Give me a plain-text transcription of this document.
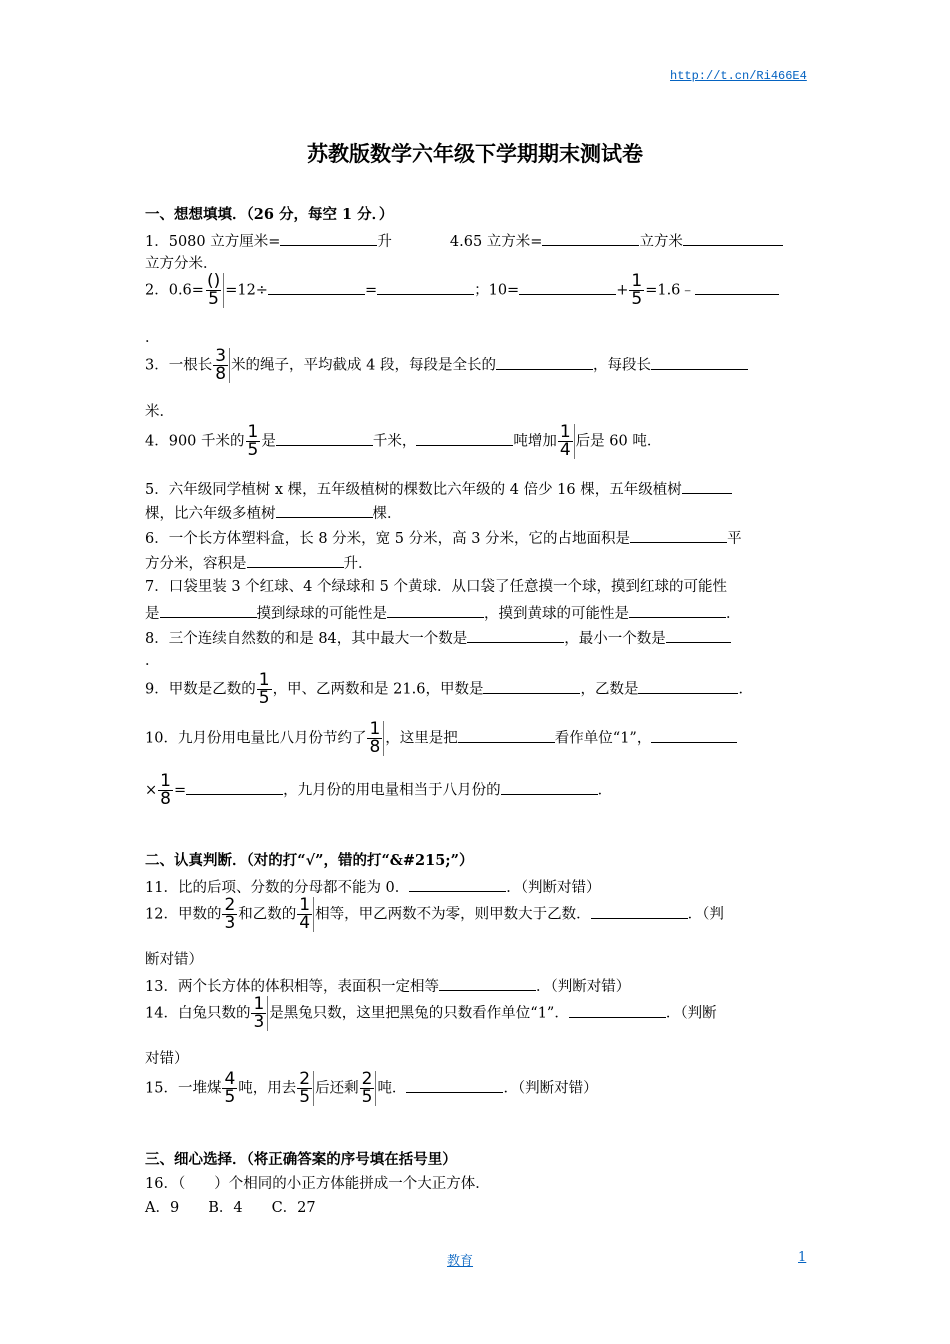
http://t.cn/Ri466E4
苏教版数学六年级下学期期末测试卷
一、想想填填．（26 分，每空 1 分．）
1．5080 立方厘米=	升	4.65 立方米=	立方米
立方分米．
2．$0.6= \frac{()}{5} =12\div$	=	；10=	+ $\frac{1}{5}$ =1.6﹣
．
3．一根长 $\frac{3}{8}$ 米的绳子，平均截成 4 段，每段是全长的	，每段长
米．
4．900 千米的 $\frac{1}{5}$ 是	千米，	吨增加 $\frac{1}{4}$ 后是 60 吨．
5．六年级同学植树 x 棵，五年级植树的棵数比六年级的 4 倍少 16 棵，五年级植树
棵，比六年级多植树	棵．
6．一个长方体塑料盒，长 8 分米，宽 5 分米，高 3 分米，它的占地面积是	平
方分米，容积是	升．
7．口袋里装 3 个红球、4 个绿球和 5 个黄球．从口袋了任意摸一个球，摸到红球的可能性
是	摸到绿球的可能性是	，摸到黄球的可能性是	．
8．三个连续自然数的和是 84，其中最大一个数是	，最小一个数是
．
9．甲数是乙数的 $\frac{1}{5}$ ，甲、乙两数和是 21.6，甲数是	，乙数是	．
10．九月份用电量比八月份节约了 $\frac{1}{8}$ ，这里是把	看作单位“1”，
× $\frac{1}{8}$ =	，九月份的用电量相当于八月份的	．
二、认真判断．（对的打“√”，错的打“&#215;”）
11．比的后项、分数的分母都不能为 0．	．（判断对错）
12．甲数的 $\frac{2}{3}$ 和乙数的 $\frac{1}{4}$ 相等，甲乙两数不为零，则甲数大于乙数．	．（判
断对错）
13．两个长方体的体积相等，表面积一定相等	．（判断对错）
14．白兔只数的 $\frac{1}{3}$ 是黑兔只数，这里把黑兔的只数看作单位“1”．	．（判断
对错）
15．一堆煤 $\frac{4}{5}$ 吨，用去 $\frac{2}{5}$ 后还剩 $\frac{2}{5}$ 吨．	．（判断对错）
三、细心选择．（将正确答案的序号填在括号里）
16．（　　）个相同的小正方体能拼成一个大正方体．
A．9　　B．4　　C．27
教育	1
